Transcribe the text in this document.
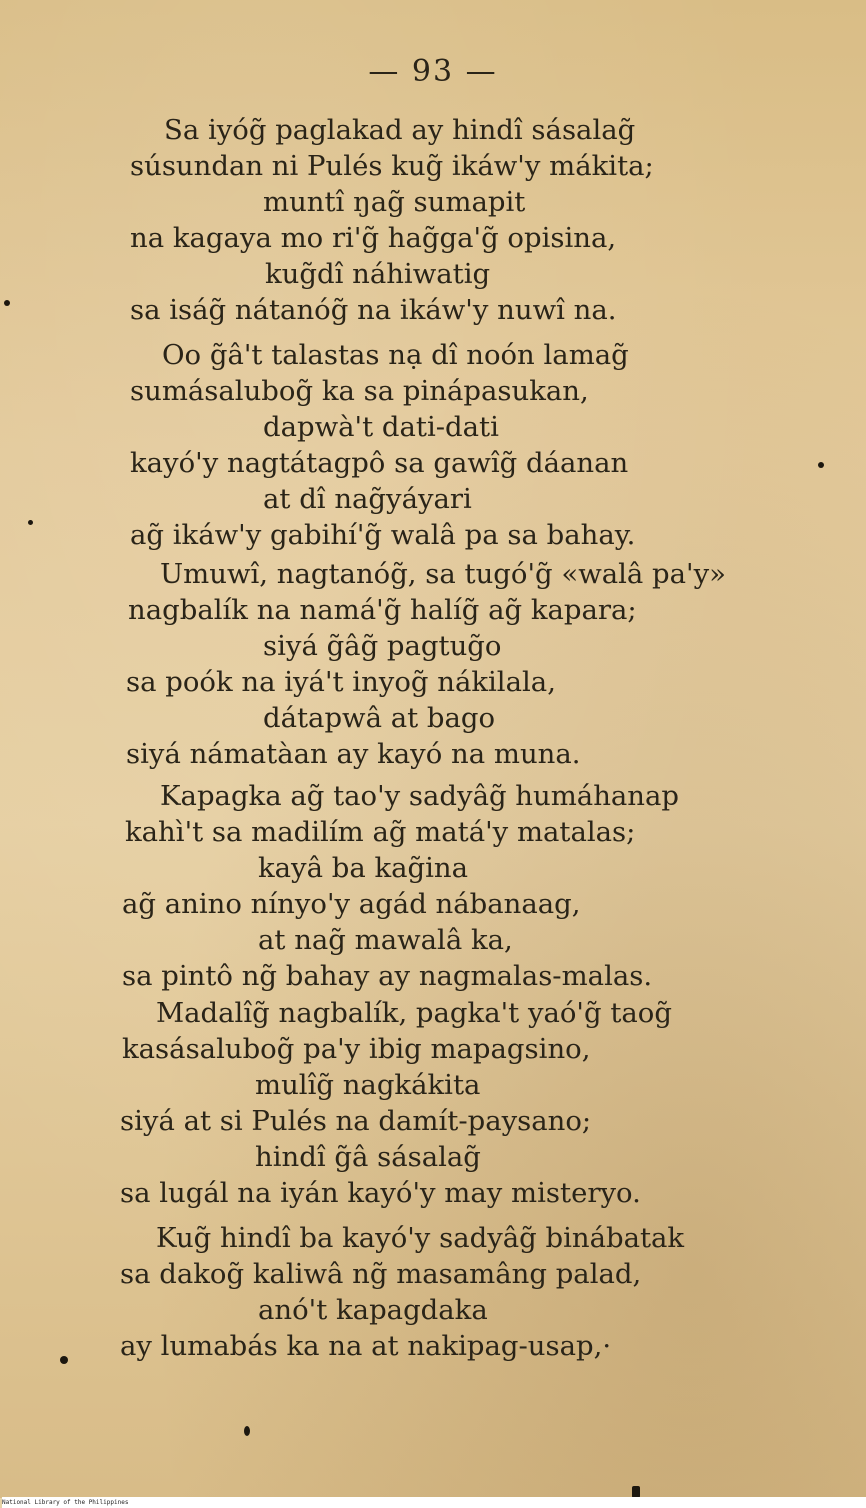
— 93 —
Sa iyóg̃ paglakad ay hindî sásalag̃
súsundan ni Pulés kug̃ ikáw'y mákita;
muntî ŋag̃ sumapit
na kagaya mo ri'g̃ hag̃ga'g̃ opisina,
kug̃dî náhiwatig
sa iság̃ nátanóg̃ na ikáw'y nuwî na.
Oo g̃â't talastas nạ dî noón lamag̃
sumásalubog̃ ka sa pinápasukan,
dapwà't dati-dati
kayó'y nagtátagpô sa gawîg̃ dáanan
at dî nag̃yáyari
ag̃ ikáw'y gabihí'g̃ walâ pa sa bahay.
Umuwî, nagtanóg̃, sa tugó'g̃ «walâ pa'y»
nagbalík na namá'g̃ halíg̃ ag̃ kapara;
siyá g̃âg̃ pagtug̃o
sa poók na iyá't inyog̃ nákilala,
dátapwâ at bago
siyá námatàan ay kayó na muna.
Kapagka ag̃ tao'y sadyâg̃ humáhanap
kahì't sa madilím ag̃ matá'y matalas;
kayâ ba kag̃ina
ag̃ anino nínyo'y agád nábanaag,
at nag̃ mawalâ ka,
sa pintô ng̃ bahay ay nagmalas-malas.
Madalîg̃ nagbalík, pagka't yaó'g̃ taog̃
kasásalubog̃ pa'y ibig mapagsino,
mulîg̃ nagkákita
siyá at si Pulés na damít-paysano;
hindî g̃â sásalag̃
sa lugál na iyán kayó'y may misteryo.
Kug̃ hindî ba kayó'y sadyâg̃ binábatak
sa dakog̃ kaliwâ ng̃ masamâng palad,
anó't kapagdaka
ay lumabás ka na at nakipag-usap,·
National Library of the Philippines
